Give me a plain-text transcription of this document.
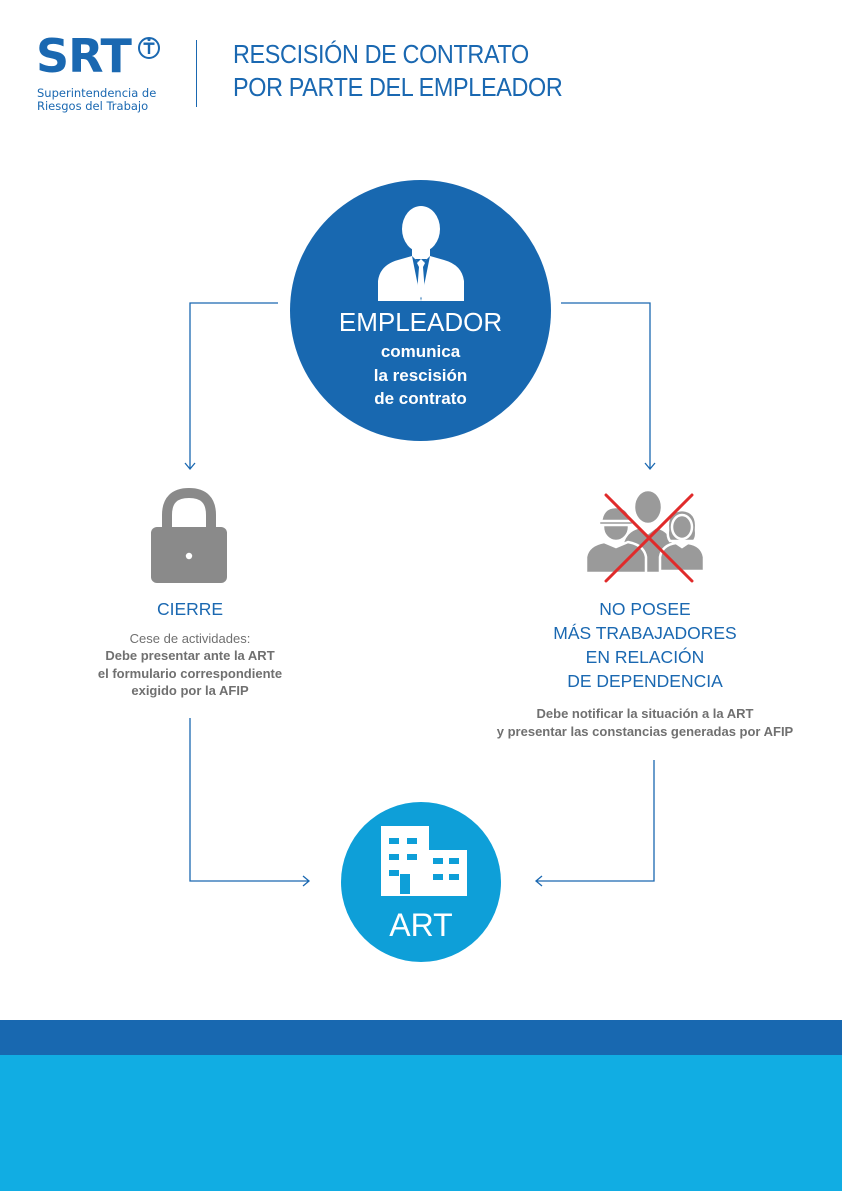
SRT
Superintendencia de
Riesgos del Trabajo
RESCISIÓN DE CONTRATO
POR PARTE DEL EMPLEADOR
EMPLEADOR
comunica
la rescisión
de contrato
CIERRE
Cese de actividades:
Debe presentar ante la ART
el formulario correspondiente
exigido por la AFIP
NO POSEE
MÁS TRABAJADORES
EN RELACIÓN
DE DEPENDENCIA
Debe notificar la situación a la ART
y presentar las constancias generadas por AFIP
ART
